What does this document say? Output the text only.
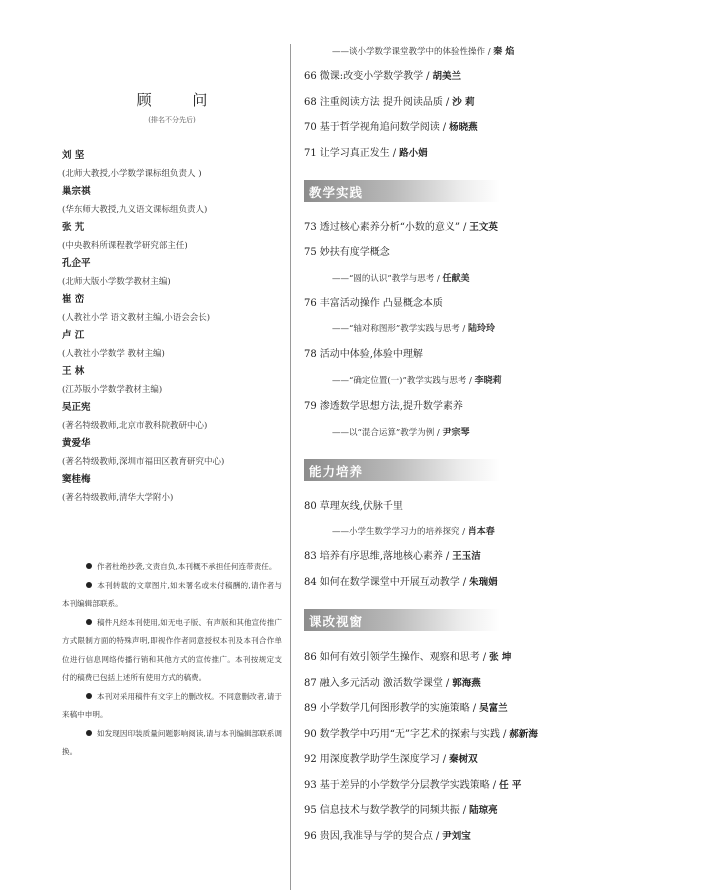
顾 问
(排名不分先后)
刘 坚
(北师大教授,小学数学课标组负责人 )
巢宗祺
(华东师大教授,九义语文课标组负责人)
张 艽
(中央教科所课程教学研究部主任)
孔企平
(北师大版小学数学教材主编)
崔 峦
(人教社小学 语文教材主编,小语会会长)
卢 江
(人教社小学数学 教材主编)
王 林
(江苏版小学数学教材主编)
吴正宪
(著名特级教师,北京市教科院教研中心)
黄爱华
(著名特级教师,深圳市福田区教育研究中心)
窦桂梅
(著名特级教师,清华大学附小)
作者杜绝抄袭,文责自负,本刊概不承担任何连带责任。
本刊转载的文章图片,如未署名或未付稿酬的,请作者与本刊编辑部联系。
稿件凡经本刊使用,如无电子版、有声版和其他宣传推广方式限制方面的特殊声明,即视作作者同意授权本刊及本刊合作单位进行信息网络传播行销和其他方式的宣传推广。本刊按规定支付的稿费已包括上述所有使用方式的稿费。
本刊对采用稿件有文字上的删改权。不同意删改者,请于来稿中申明。
如发现因印装质量问题影响阅读,请与本刊编辑部联系调换。
——谈小学数学课堂教学中的体验性操作 / 秦 焰
66 微课:改变小学数学教学 / 胡美兰
68 注重阅读方法 提升阅读品质 / 沙 莉
70 基于哲学视角追问数学阅读 / 杨晓燕
71 让学习真正发生 / 路小娟
教学实践
73 透过核心素养分析“小数的意义” / 王文英
75 妙扶有度学概念
——“圆的认识”教学与思考 / 任献美
76 丰富活动操作 凸显概念本质
——“轴对称图形”教学实践与思考 / 陆玲玲
78 活动中体验,体验中理解
——“确定位置(一)”教学实践与思考 / 李晓莉
79 渗透数学思想方法,提升数学素养
——以“混合运算”教学为例 / 尹宗琴
能力培养
80 草理灰线,伏脉千里
——小学生数学学习力的培养探究 / 肖本春
83 培养有序思维,落地核心素养 / 王玉洁
84 如何在数学课堂中开展互动教学 / 朱瑞娟
课改视窗
86 如何有效引领学生操作、观察和思考 / 张 坤
87 融入多元活动 激活数学课堂 / 郭海燕
89 小学数学几何图形教学的实施策略 / 吴富兰
90 数学教学中巧用“无”字艺术的探索与实践 / 郝新海
92 用深度教学助学生深度学习 / 秦树双
93 基于差异的小学数学分层教学实践策略 / 任 平
95 信息技术与数学教学的同频共振 / 陆琼亮
96 贵因,我准导与学的契合点 / 尹刘宝
